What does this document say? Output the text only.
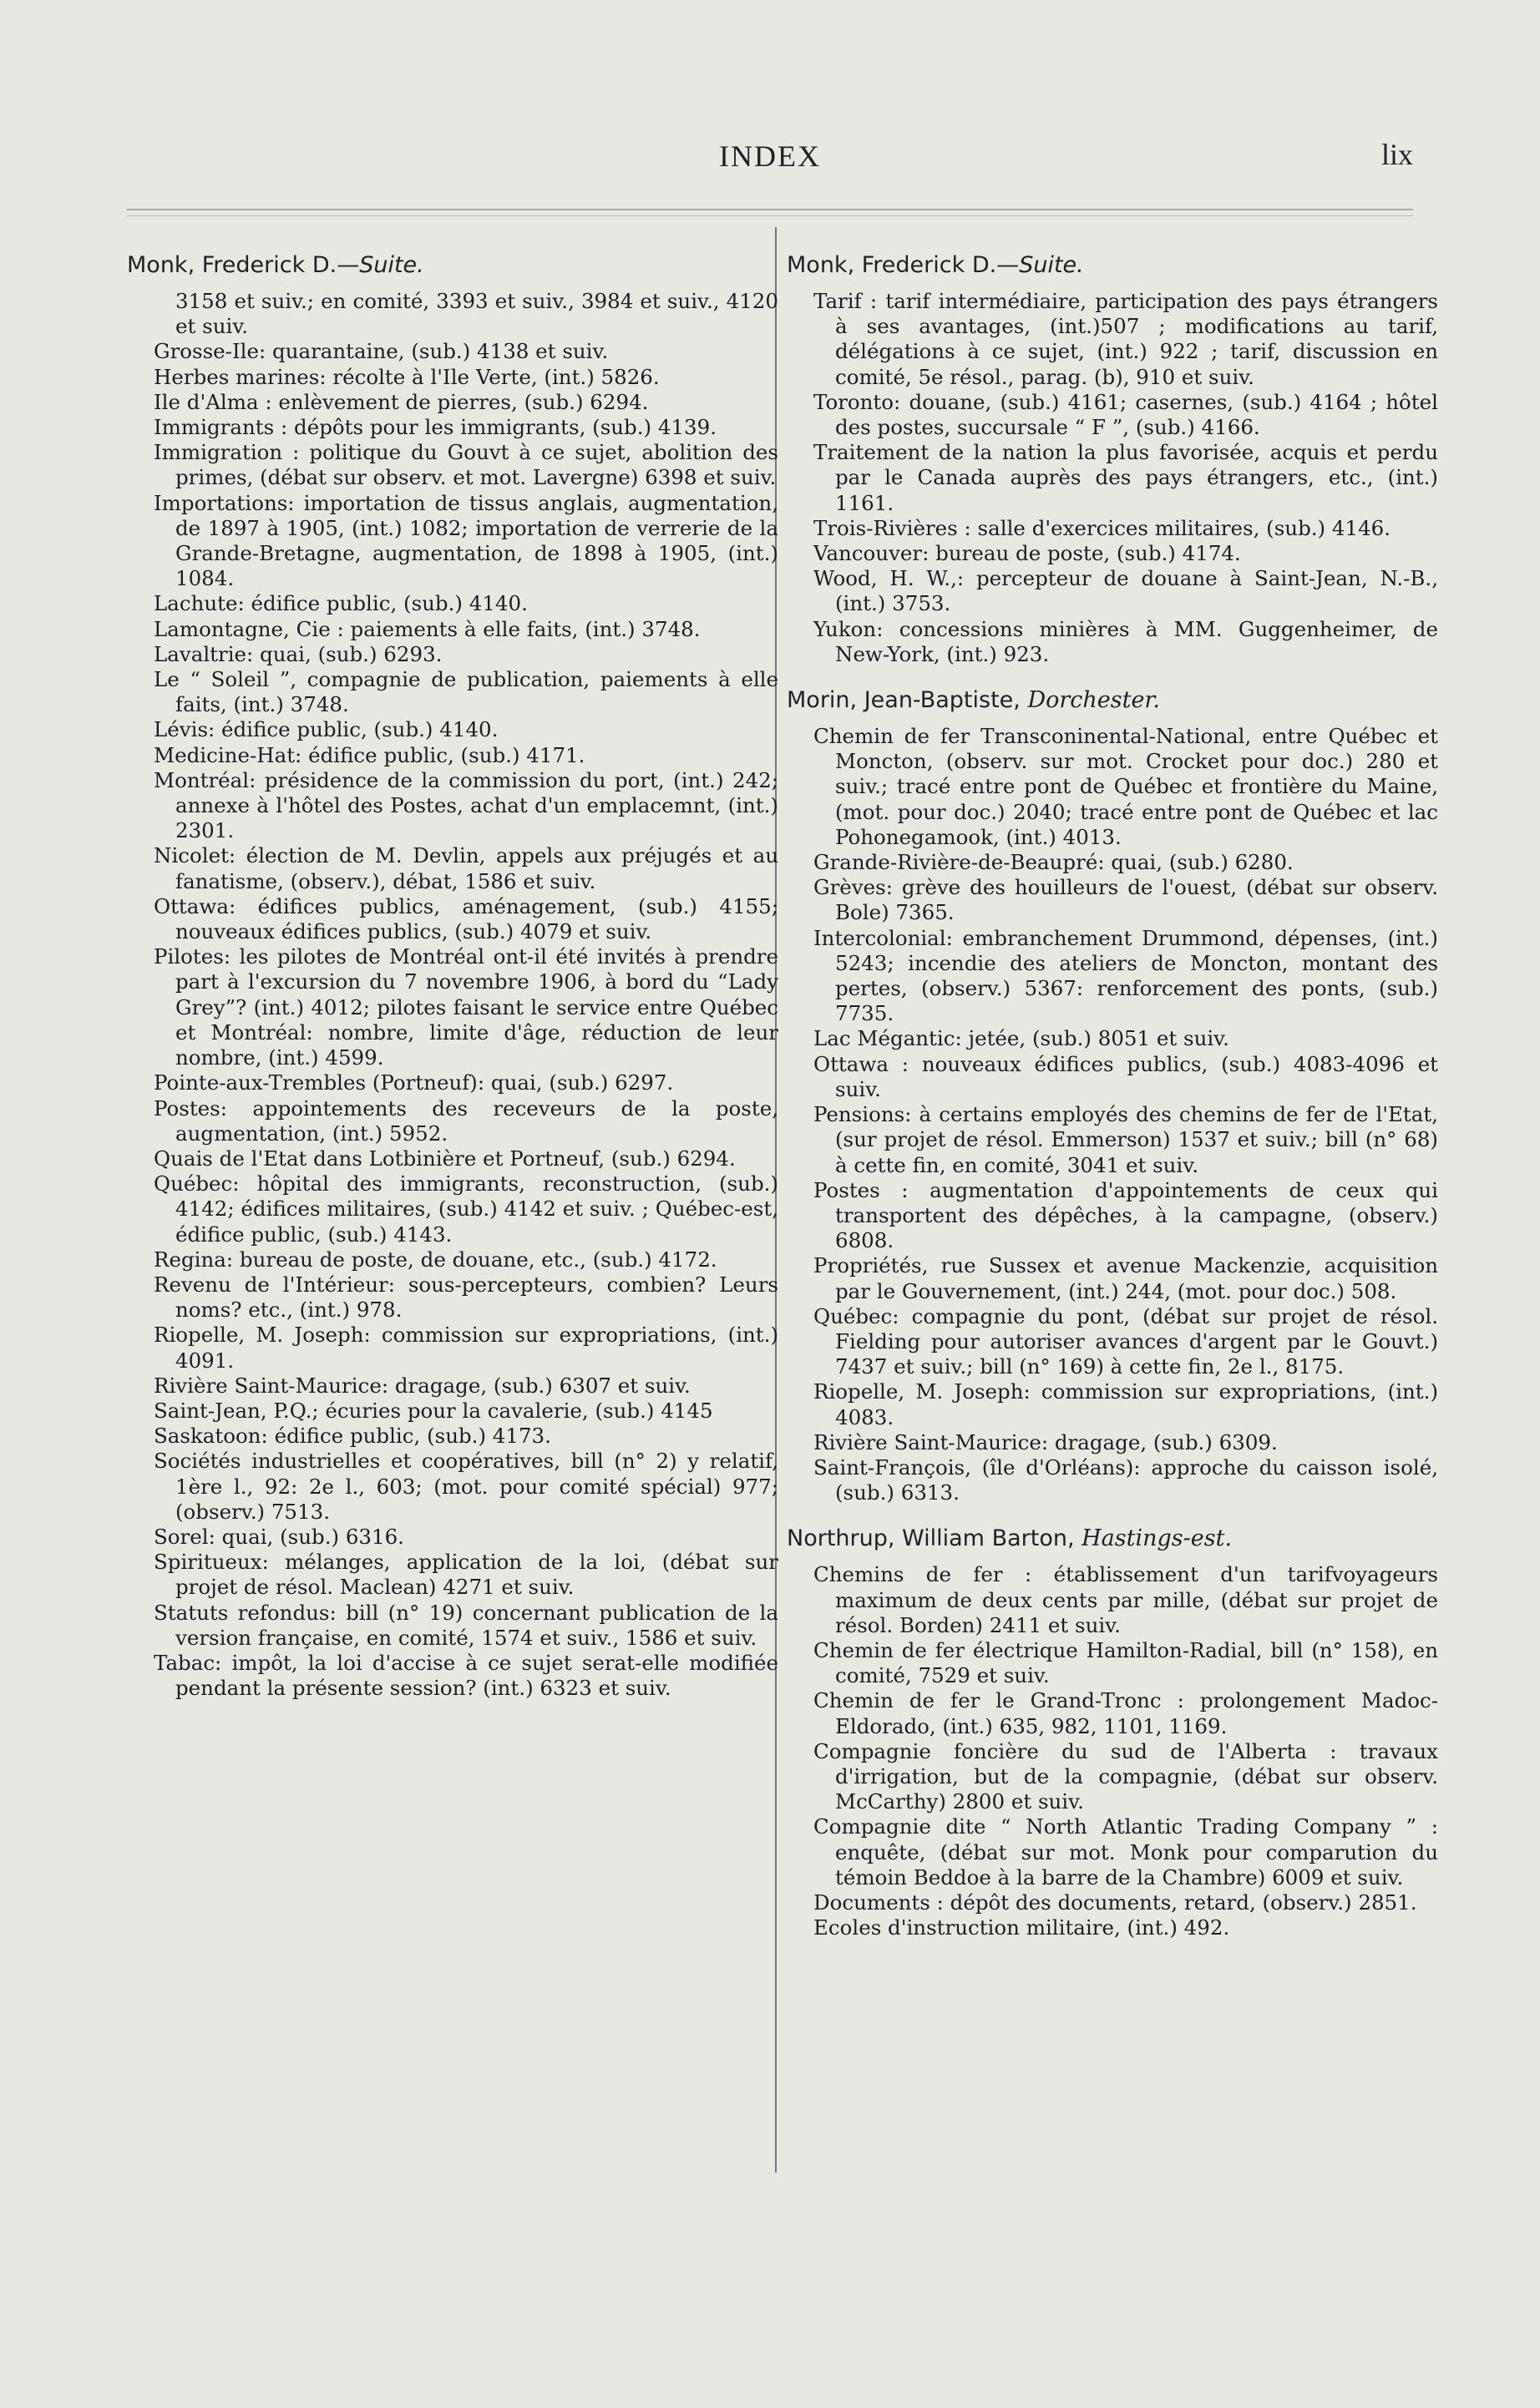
INDEX	lix
Monk, Frederick D.—Suite.
3158 et suiv.; en comité, 3393 et suiv., 3984 et suiv., 4120 et suiv.
Grosse-Ile: quarantaine, (sub.) 4138 et suiv.
Herbes marines: récolte à l'Ile Verte, (int.) 5826.
Ile d'Alma : enlèvement de pierres, (sub.) 6294.
Immigrants : dépôts pour les immigrants, (sub.) 4139.
Immigration : politique du Gouvt à ce sujet, abolition des primes, (débat sur observ. et mot. Lavergne) 6398 et suiv.
Importations: importation de tissus anglais, augmentation, de 1897 à 1905, (int.) 1082; importation de verrerie de la Grande-Bretagne, augmentation, de 1898 à 1905, (int.) 1084.
Lachute: édifice public, (sub.) 4140.
Lamontagne, Cie : paiements à elle faits, (int.) 3748.
Lavaltrie: quai, (sub.) 6293.
Le “ Soleil ”, compagnie de publication, paiements à elle faits, (int.) 3748.
Lévis: édifice public, (sub.) 4140.
Medicine-Hat: édifice public, (sub.) 4171.
Montréal: présidence de la commission du port, (int.) 242; annexe à l'hôtel des Postes, achat d'un emplacemnt, (int.) 2301.
Nicolet: élection de M. Devlin, appels aux préjugés et au fanatisme, (observ.), débat, 1586 et suiv.
Ottawa: édifices publics, aménagement, (sub.) 4155; nouveaux édifices publics, (sub.) 4079 et suiv.
Pilotes: les pilotes de Montréal ont-il été invités à prendre part à l'excursion du 7 novembre 1906, à bord du “Lady Grey”? (int.) 4012; pilotes faisant le service entre Québec et Montréal: nombre, limite d'âge, réduction de leur nombre, (int.) 4599.
Pointe-aux-Trembles (Portneuf): quai, (sub.) 6297.
Postes: appointements des receveurs de la poste, augmentation, (int.) 5952.
Quais de l'Etat dans Lotbinière et Portneuf, (sub.) 6294.
Québec: hôpital des immigrants, reconstruction, (sub.) 4142; édifices militaires, (sub.) 4142 et suiv. ; Québec-est, édifice public, (sub.) 4143.
Regina: bureau de poste, de douane, etc., (sub.) 4172.
Revenu de l'Intérieur: sous-percepteurs, combien? Leurs noms? etc., (int.) 978.
Riopelle, M. Joseph: commission sur expropriations, (int.) 4091.
Rivière Saint-Maurice: dragage, (sub.) 6307 et suiv.
Saint-Jean, P.Q.; écuries pour la cavalerie, (sub.) 4145
Saskatoon: édifice public, (sub.) 4173.
Sociétés industrielles et coopératives, bill (n° 2) y relatif, 1ère l., 92: 2e l., 603; (mot. pour comité spécial) 977; (observ.) 7513.
Sorel: quai, (sub.) 6316.
Spiritueux: mélanges, application de la loi, (débat sur projet de résol. Maclean) 4271 et suiv.
Statuts refondus: bill (n° 19) concernant publication de la version française, en comité, 1574 et suiv., 1586 et suiv.
Tabac: impôt, la loi d'accise à ce sujet serat-elle modifiée pendant la présente session? (int.) 6323 et suiv.
Monk, Frederick D.—Suite.
Tarif : tarif intermédiaire, participation des pays étrangers à ses avantages, (int.)507 ; modifications au tarif, délégations à ce sujet, (int.) 922 ; tarif, discussion en comité, 5e résol., parag. (b), 910 et suiv.
Toronto: douane, (sub.) 4161; casernes, (sub.) 4164 ; hôtel des postes, succursale “ F ”, (sub.) 4166.
Traitement de la nation la plus favorisée, acquis et perdu par le Canada auprès des pays étrangers, etc., (int.) 1161.
Trois-Rivières : salle d'exercices militaires, (sub.) 4146.
Vancouver: bureau de poste, (sub.) 4174.
Wood, H. W.,: percepteur de douane à Saint-Jean, N.-B., (int.) 3753.
Yukon: concessions minières à MM. Guggenheimer, de New-York, (int.) 923.
Morin, Jean-Baptiste, Dorchester.
Chemin de fer Transconinental-National, entre Québec et Moncton, (observ. sur mot. Crocket pour doc.) 280 et suiv.; tracé entre pont de Québec et frontière du Maine, (mot. pour doc.) 2040; tracé entre pont de Québec et lac Pohonegamook, (int.) 4013.
Grande-Rivière-de-Beaupré: quai, (sub.) 6280.
Grèves: grève des houilleurs de l'ouest, (débat sur observ. Bole) 7365.
Intercolonial: embranchement Drummond, dépenses, (int.) 5243; incendie des ateliers de Moncton, montant des pertes, (observ.) 5367: renforcement des ponts, (sub.) 7735.
Lac Mégantic: jetée, (sub.) 8051 et suiv.
Ottawa : nouveaux édifices publics, (sub.) 4083-4096 et suiv.
Pensions: à certains employés des chemins de fer de l'Etat, (sur projet de résol. Emmerson) 1537 et suiv.; bill (n° 68) à cette fin, en comité, 3041 et suiv.
Postes : augmentation d'appointements de ceux qui transportent des dépêches, à la campagne, (observ.) 6808.
Propriétés, rue Sussex et avenue Mackenzie, acquisition par le Gouvernement, (int.) 244, (mot. pour doc.) 508.
Québec: compagnie du pont, (débat sur projet de résol. Fielding pour autoriser avances d'argent par le Gouvt.) 7437 et suiv.; bill (n° 169) à cette fin, 2e l., 8175.
Riopelle, M. Joseph: commission sur expropriations, (int.) 4083.
Rivière Saint-Maurice: dragage, (sub.) 6309.
Saint-François, (île d'Orléans): approche du caisson isolé, (sub.) 6313.
Northrup, William Barton, Hastings-est.
Chemins de fer : établissement d'un tarifvoyageurs maximum de deux cents par mille, (débat sur projet de résol. Borden) 2411 et suiv.
Chemin de fer électrique Hamilton-Radial, bill (n° 158), en comité, 7529 et suiv.
Chemin de fer le Grand-Tronc : prolongement Madoc-Eldorado, (int.) 635, 982, 1101, 1169.
Compagnie foncière du sud de l'Alberta : travaux d'irrigation, but de la compagnie, (débat sur observ. McCarthy) 2800 et suiv.
Compagnie dite “ North Atlantic Trading Company ” : enquête, (débat sur mot. Monk pour comparution du témoin Beddoe à la barre de la Chambre) 6009 et suiv.
Documents : dépôt des documents, retard, (observ.) 2851.
Ecoles d'instruction militaire, (int.) 492.
